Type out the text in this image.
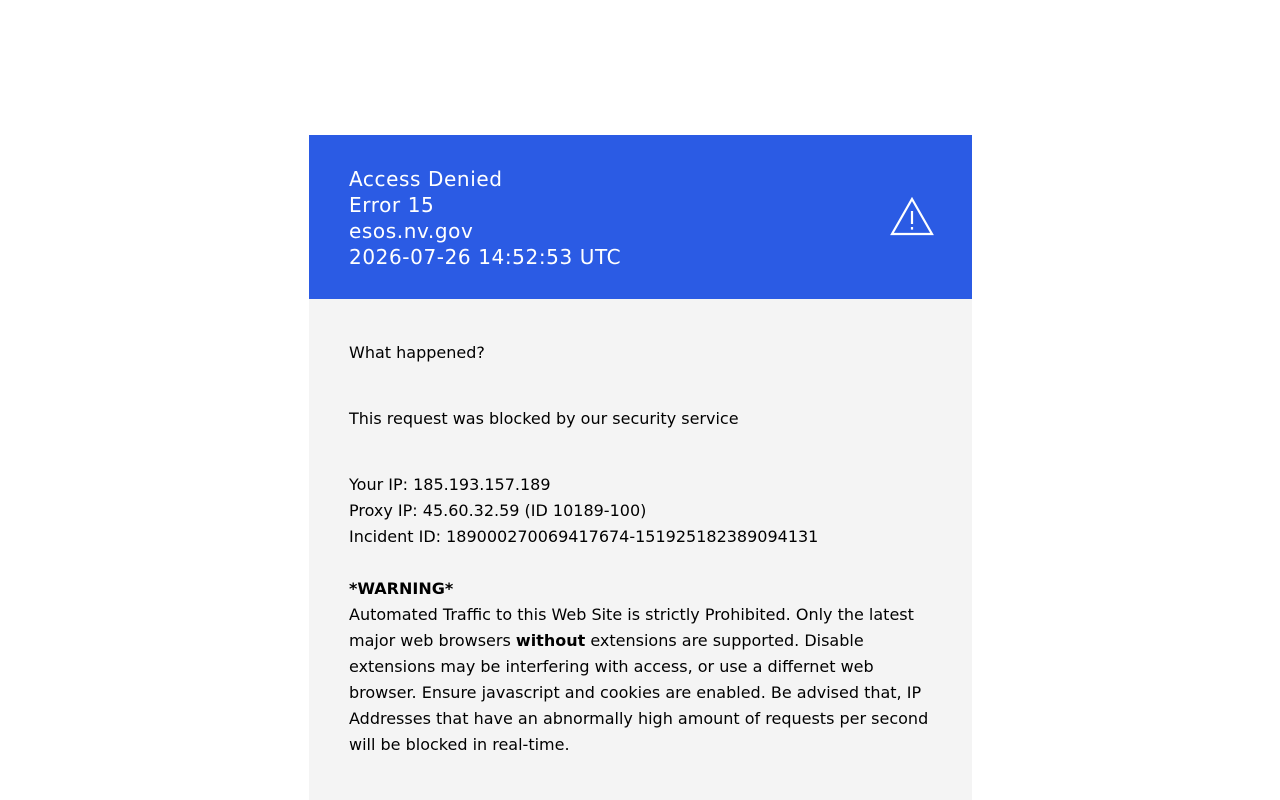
Access Denied
Error 15
esos.nv.gov
2026-07-26 14:52:53 UTC

What happened?

This request was blocked by our security service

Your IP: 185.193.157.189

Proxy IP: 45.60.32.59 (ID 10189-100)

Incident ID: 189000270069417674-151925182389094131

*WARNING*

Automated Traffic to this Web Site is strictly Prohibited. Only the latest major web browsers without extensions are supported. Disable extensions may be interfering with access, or use a differnet web browser. Ensure javascript and cookies are enabled. Be advised that, IP Addresses that have an abnormally high amount of requests per second will be blocked in real-time.
